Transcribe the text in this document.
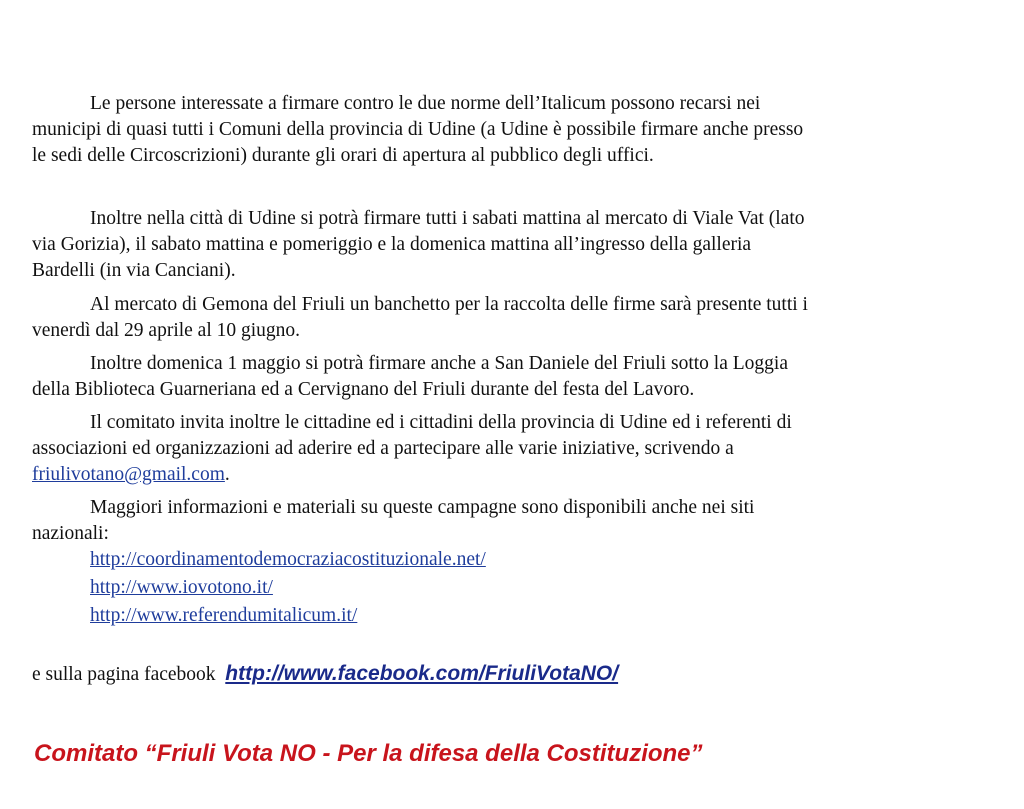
Le persone interessate a firmare contro le due norme dell’Italicum possono recarsi nei
municipi di quasi tutti i Comuni della provincia di Udine (a Udine è possibile firmare anche presso
le sedi delle Circoscrizioni) durante gli orari di apertura al pubblico degli uffici.
Inoltre nella città di Udine si potrà firmare tutti i sabati mattina al mercato di Viale Vat (lato
via Gorizia), il sabato mattina e pomeriggio e la domenica mattina all’ingresso della galleria
Bardelli (in via Canciani).
Al mercato di Gemona del Friuli un banchetto per la raccolta delle firme sarà presente tutti i
venerdì dal 29 aprile al 10 giugno.
Inoltre domenica 1 maggio si potrà firmare anche a San Daniele del Friuli sotto la Loggia
della Biblioteca Guarneriana ed a Cervignano del Friuli durante del festa del Lavoro.
Il comitato invita inoltre le cittadine ed i cittadini della provincia di Udine ed i referenti di
associazioni ed organizzazioni ad aderire ed a partecipare alle varie iniziative, scrivendo a
friulivotano@gmail.com.
Maggiori informazioni e materiali su queste campagne sono disponibili anche nei siti
nazionali:
http://coordinamentodemocraziacostituzionale.net/
http://www.iovotono.it/
http://www.referendumitalicum.it/
e sulla pagina facebook http://www.facebook.com/FriuliVotaNO/
Comitato “Friuli Vota NO - Per la difesa della Costituzione”
